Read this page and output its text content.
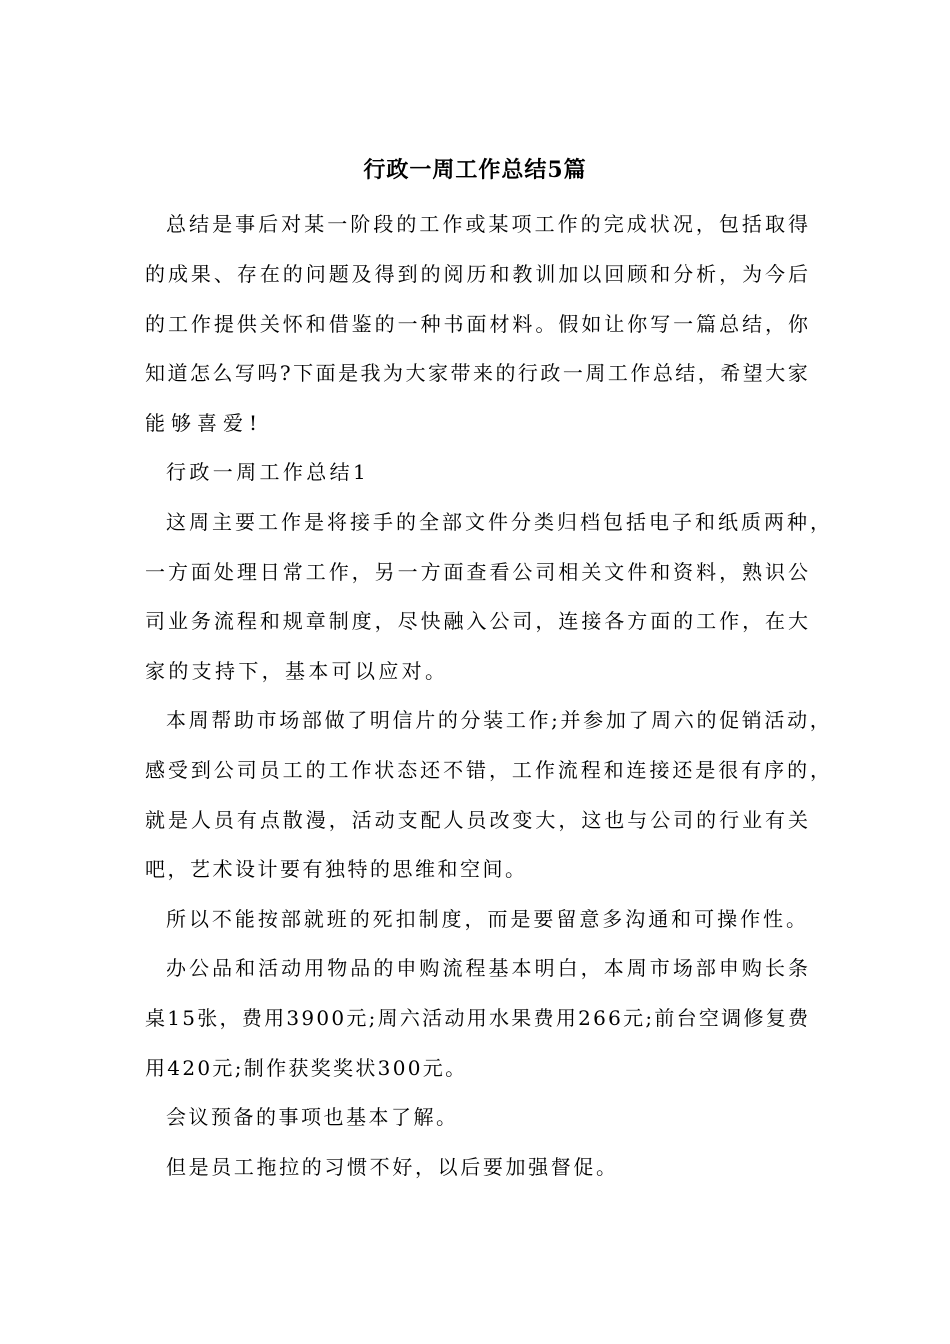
行政一周工作总结5篇
总结是事后对某一阶段的工作或某项工作的完成状况，包括取得
的成果、存在的问题及得到的阅历和教训加以回顾和分析，为今后
的工作提供关怀和借鉴的一种书面材料。假如让你写一篇总结，你
知道怎么写吗?下面是我为大家带来的行政一周工作总结，希望大家
能够喜爱!
行政一周工作总结1
这周主要工作是将接手的全部文件分类归档包括电子和纸质两种，
一方面处理日常工作，另一方面查看公司相关文件和资料，熟识公
司业务流程和规章制度，尽快融入公司，连接各方面的工作，在大
家的支持下，基本可以应对。
本周帮助市场部做了明信片的分装工作;并参加了周六的促销活动，
感受到公司员工的工作状态还不错，工作流程和连接还是很有序的，
就是人员有点散漫，活动支配人员改变大，这也与公司的行业有关
吧，艺术设计要有独特的思维和空间。
所以不能按部就班的死扣制度，而是要留意多沟通和可操作性。
办公品和活动用物品的申购流程基本明白，本周市场部申购长条
桌15张，费用3900元;周六活动用水果费用266元;前台空调修复费
用420元;制作获奖奖状300元。
会议预备的事项也基本了解。
但是员工拖拉的习惯不好，以后要加强督促。
